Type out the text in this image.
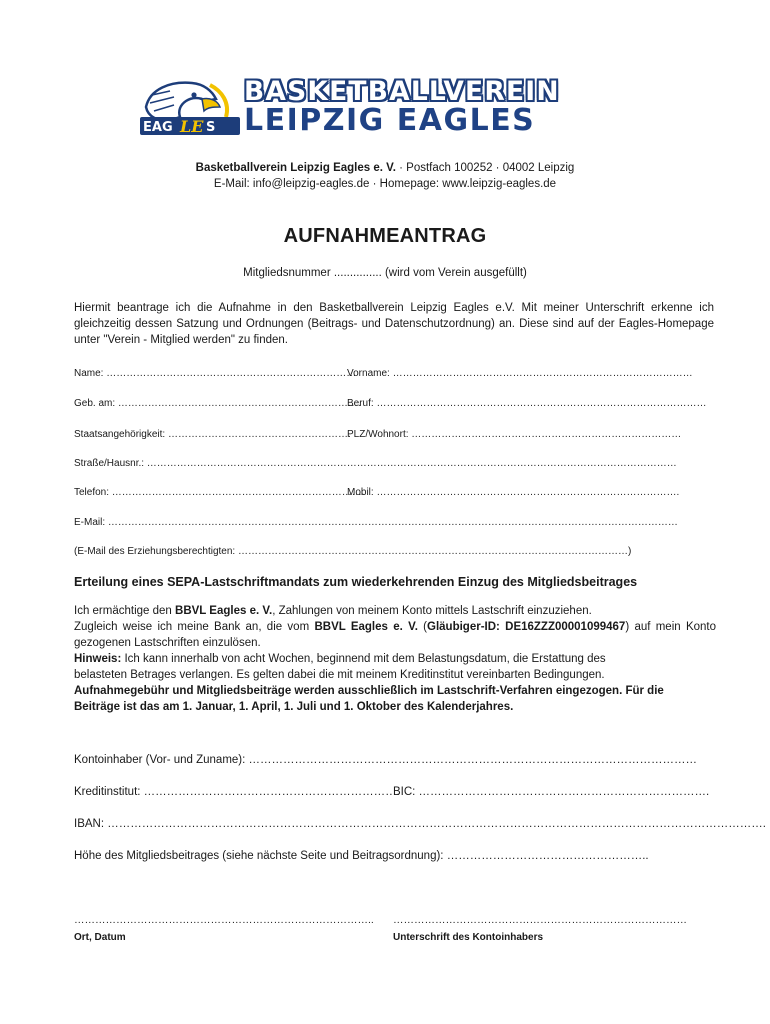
EAG LE S
BASKETBALLVEREIN
LEIPZIG EAGLES
Basketballverein Leipzig Eagles e. V. · Postfach 100252 · 04002 Leipzig
E-Mail: info@leipzig-eagles.de · Homepage: www.leipzig-eagles.de
AUFNAHMEANTRAG
Mitgliedsnummer ............... (wird vom Verein ausgefüllt)
Hiermit beantrage ich die Aufnahme in den Basketballverein Leipzig Eagles e.V. Mit meiner Unterschrift erkenne ich gleichzeitig dessen Satzung und Ordnungen (Beitrags- und Datenschutzordnung) an. Diese sind auf der Eagles-Homepage unter "Verein - Mitglied werden" zu finden.
Name: …………………………………………………………………
Vorname: ………………………………………………………………………………
Geb. am: ……………………………………………………………….
Beruf: ………………………………………………………………………………………
Staatsangehörigkeit: ……………………………………………….
PLZ/Wohnort: ………………………………………………………………………
Straße/Hausnr.: ……………………………………………………………………………………………………………………………………………
Telefon: ………………………………………………………………….
Mobil: ……………………………………………………………………………….
E-Mail: ………………………………………………………………………………………………………………………………………………………
(E-Mail des Erziehungsberechtigten: ………………………………………………………………………………………………………)
Erteilung eines SEPA-Lastschriftmandats zum wiederkehrenden Einzug des Mitgliedsbeitrages

Ich ermächtige den BBVL Eagles e. V., Zahlungen von meinem Konto mittels Lastschrift einzuziehen.

Zugleich weise ich meine Bank an, die vom BBVL Eagles e. V. (Gläubiger-ID: DE16ZZZ00001099467) auf mein Konto gezogenen Lastschriften einzulösen.

Hinweis: Ich kann innerhalb von acht Wochen, beginnend mit dem Belastungsdatum, die Erstattung des belasteten Betrages verlangen. Es gelten dabei die mit meinem Kreditinstitut vereinbarten Bedingungen.

Aufnahmegebühr und Mitgliedsbeiträge werden ausschließlich im Lastschrift-Verfahren eingezogen. Für die Beiträge ist das am 1. Januar, 1. April, 1. Juli und 1. Oktober des Kalenderjahres.

Kontoinhaber (Vor- und Zuname): ………………………………………………………………………………………………………
Kreditinstitut: ………………………………………………………….
BIC: ………………………………………………………………….
IBAN: ……………………………………………………………………………………………………………………………………………………….
Höhe des Mitgliedsbeitrages (siehe nächste Seite und Beitragsordnung): ……………………………………………..
………………………………………………………………………….. …………………………………………………………………………
Ort, Datum	Unterschrift des Kontoinhabers
